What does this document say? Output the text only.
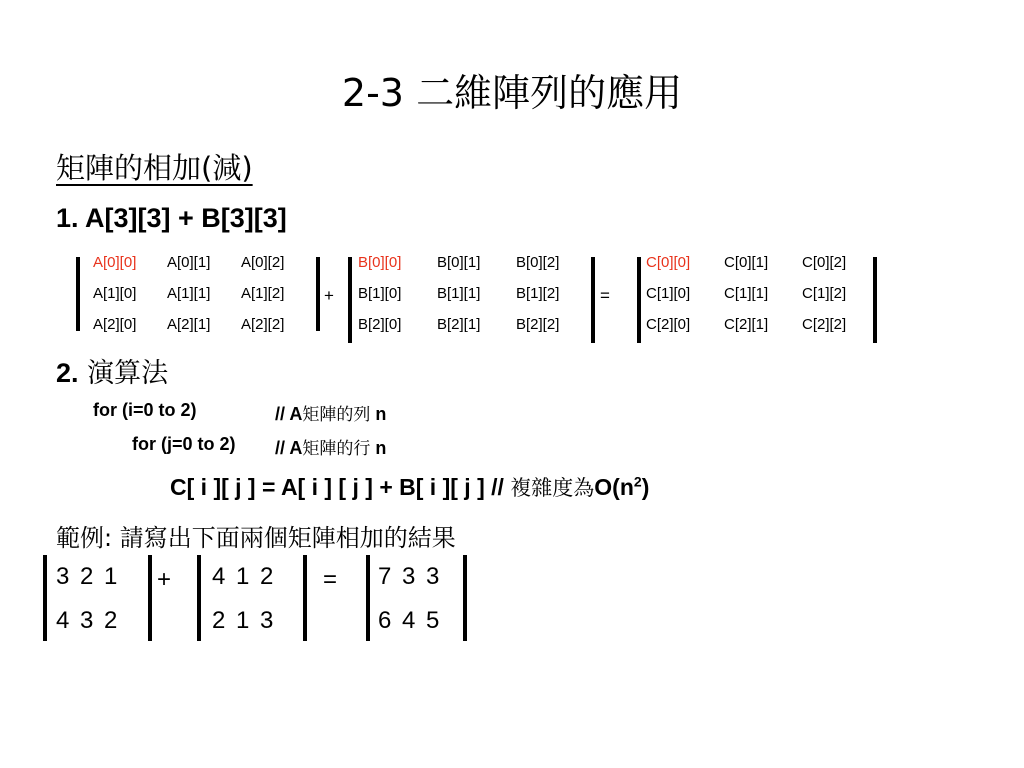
2-3 二維陣列的應用
矩陣的相加(減)
1. A[3][3] + B[3][3]
A[0][0] A[0][1] A[0][2]
A[1][0] A[1][1] A[1][2]
A[2][0] A[2][1] A[2][2]
+
B[0][0] B[0][1] B[0][2]
B[1][0] B[1][1] B[1][2]
B[2][0] B[2][1] B[2][2]
=
C[0][0] C[0][1] C[0][2]
C[1][0] C[1][1] C[1][2]
C[2][0] C[2][1] C[2][2]
2. 演算法
for (i=0 to 2)	// A矩陣的列 n
for (j=0 to 2) // A矩陣的行 n
C[ i ][ j ] = A[ i ] [ j ] + B[ i ][ j ] // 複雜度為$O(n^2)$
範例: 請寫出下面兩個矩陣相加的結果
3 2 1
4 3 2
+ 4 1 2
2 1 3
= 7 3 3
6 4 5
